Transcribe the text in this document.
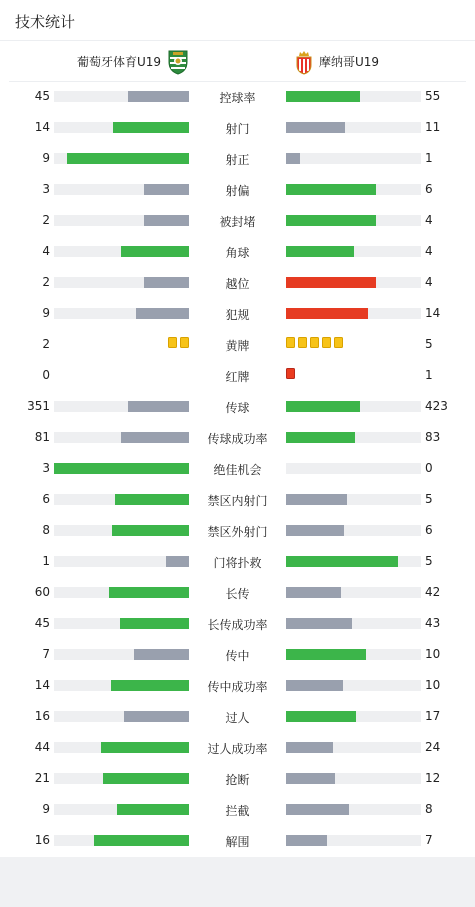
技术统计
葡萄牙体育U19	摩纳哥U19
45	控球率	55
14	射门	11
9	射正	1
3	射偏	6
2	被封堵	4
4	角球	4
2	越位	4
9	犯规	14
2	黄牌	5
0	红牌	1
351	传球	423
81	传球成功率	83
3	绝佳机会	0
6	禁区内射门	5
8	禁区外射门	6
1	门将扑救	5
60	长传	42
45	长传成功率	43
7	传中	10
14	传中成功率	10
16	过人	17
44	过人成功率	24
21	抢断	12
9	拦截	8
16	解围	7
